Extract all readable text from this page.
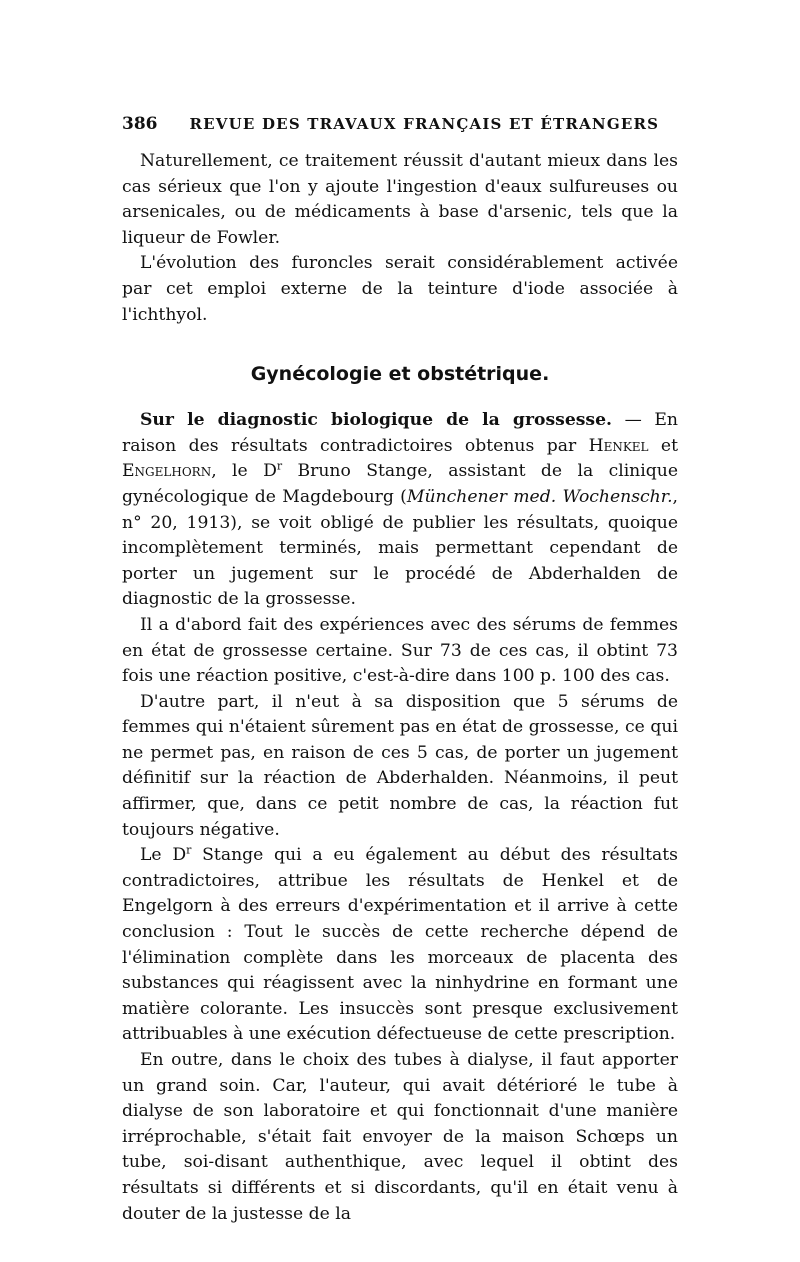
386 REVUE DES TRAVAUX FRANÇAIS ET ÉTRANGERS

Naturellement, ce traitement réussit d'autant mieux dans les cas sérieux que l'on y ajoute l'ingestion d'eaux sulfureuses ou arsenicales, ou de médicaments à base d'arsenic, tels que la liqueur de Fowler.

L'évolution des furoncles serait considérablement activée par cet emploi externe de la teinture d'iode associée à l'ichthyol.

Gynécologie et obstétrique.

Sur le diagnostic biologique de la grossesse. — En raison des résultats contradictoires obtenus par Henkel et Engelhorn, le $D^r$ Bruno Stange, assistant de la clinique gynécologique de Magdebourg (Münchener med. Wochenschr., n° 20, 1913), se voit obligé de publier les résultats, quoique incomplètement terminés, mais permettant cependant de porter un jugement sur le procédé de Abderhalden de diagnostic de la grossesse.

Il a d'abord fait des expériences avec des sérums de femmes en état de grossesse certaine. Sur 73 de ces cas, il obtint 73 fois une réaction positive, c'est-à-dire dans 100 p. 100 des cas.

D'autre part, il n'eut à sa disposition que 5 sérums de femmes qui n'étaient sûrement pas en état de grossesse, ce qui ne permet pas, en raison de ces 5 cas, de porter un jugement définitif sur la réaction de Abderhalden. Néanmoins, il peut affirmer, que, dans ce petit nombre de cas, la réaction fut toujours négative.

Le $D^r$ Stange qui a eu également au début des résultats contradictoires, attribue les résultats de Henkel et de Engelgorn à des erreurs d'expérimentation et il arrive à cette conclusion : Tout le succès de cette recherche dépend de l'élimination complète dans les morceaux de placenta des substances qui réagissent avec la ninhydrine en formant une matière colorante. Les insuccès sont presque exclusivement attribuables à une exécution défectueuse de cette prescription.

En outre, dans le choix des tubes à dialyse, il faut apporter un grand soin. Car, l'auteur, qui avait détérioré le tube à dialyse de son laboratoire et qui fonctionnait d'une manière irréprochable, s'était fait envoyer de la maison Schœps un tube, soi-disant authenthique, avec lequel il obtint des résultats si différents et si discordants, qu'il en était venu à douter de la justesse de la
